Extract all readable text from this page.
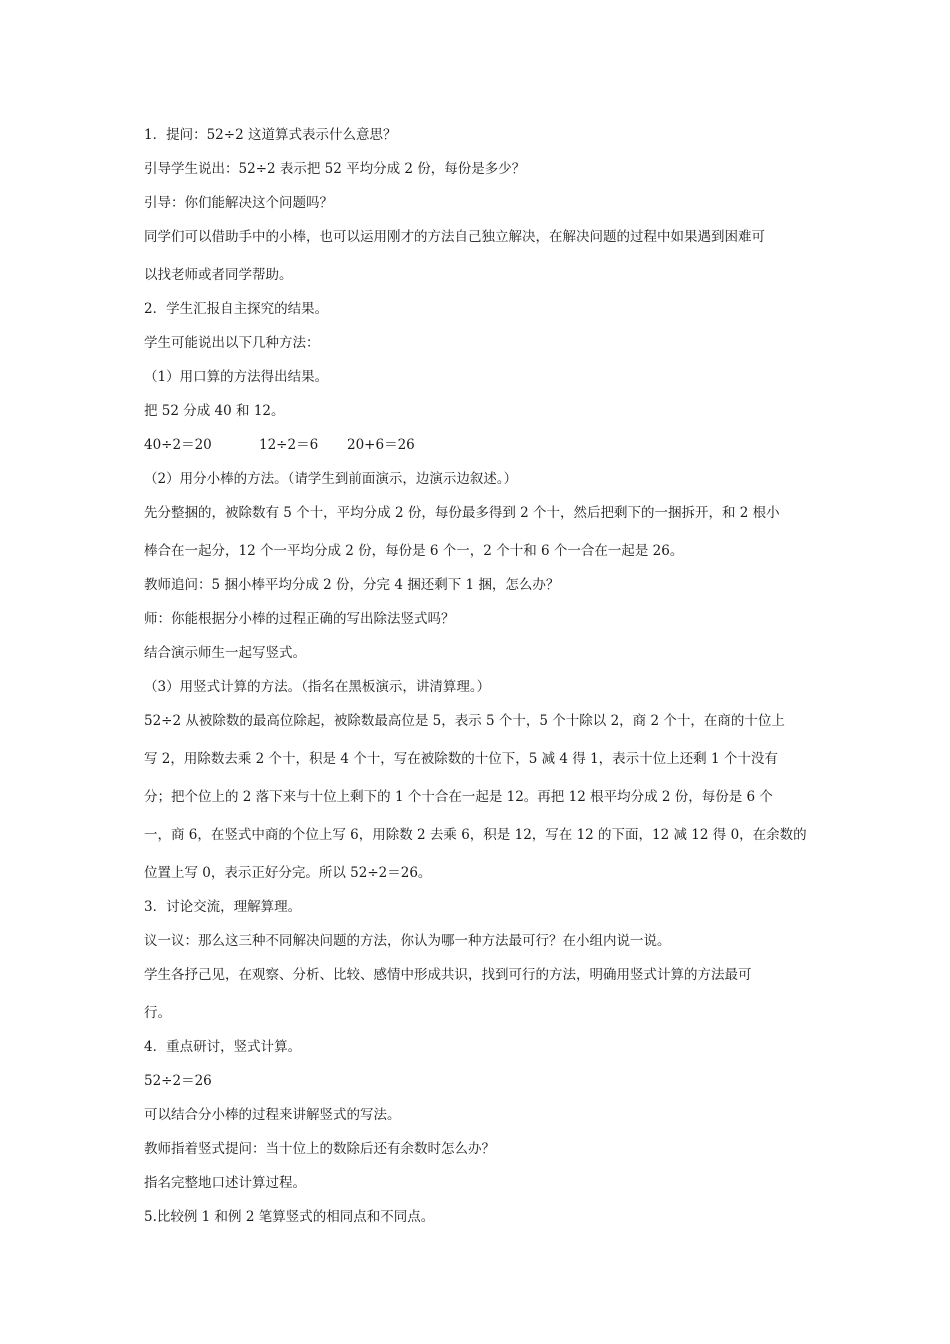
1．提问：52÷2 这道算式表示什么意思？

引导学生说出：52÷2 表示把 52 平均分成 2 份，每份是多少？

引导：你们能解决这个问题吗？

同学们可以借助手中的小棒，也可以运用刚才的方法自己独立解决，在解决问题的过程中如果遇到困难可

以找老师或者同学帮助。

2．学生汇报自主探究的结果。

学生可能说出以下几种方法：

（1）用口算的方法得出结果。

把 52 分成 40 和 12。

40÷2＝20	12÷2＝6	20+6＝26

（2）用分小棒的方法。（请学生到前面演示，边演示边叙述。）

先分整捆的，被除数有 5 个十，平均分成 2 份，每份最多得到 2 个十，然后把剩下的一捆拆开，和 2 根小

棒合在一起分，12 个一平均分成 2 份，每份是 6 个一，2 个十和 6 个一合在一起是 26。

教师追问：5 捆小棒平均分成 2 份，分完 4 捆还剩下 1 捆，怎么办？

师：你能根据分小棒的过程正确的写出除法竖式吗？

结合演示师生一起写竖式。

（3）用竖式计算的方法。（指名在黑板演示，讲清算理。）

52÷2 从被除数的最高位除起，被除数最高位是 5，表示 5 个十，5 个十除以 2，商 2 个十，在商的十位上

写 2，用除数去乘 2 个十，积是 4 个十，写在被除数的十位下，5 减 4 得 1，表示十位上还剩 1 个十没有

分；把个位上的 2 落下来与十位上剩下的 1 个十合在一起是 12。再把 12 根平均分成 2 份，每份是 6 个

一，商 6，在竖式中商的个位上写 6，用除数 2 去乘 6，积是 12，写在 12 的下面，12 减 12 得 0，在余数的

位置上写 0，表示正好分完。所以 52÷2＝26。

3．讨论交流，理解算理。

议一议：那么这三种不同解决问题的方法，你认为哪一种方法最可行？在小组内说一说。

学生各抒己见，在观察、分析、比较、感情中形成共识，找到可行的方法，明确用竖式计算的方法最可

行。

4．重点研讨，竖式计算。

52÷2＝26

可以结合分小棒的过程来讲解竖式的写法。

教师指着竖式提问：当十位上的数除后还有余数时怎么办？

指名完整地口述计算过程。

5.比较例 1 和例 2 笔算竖式的相同点和不同点。
